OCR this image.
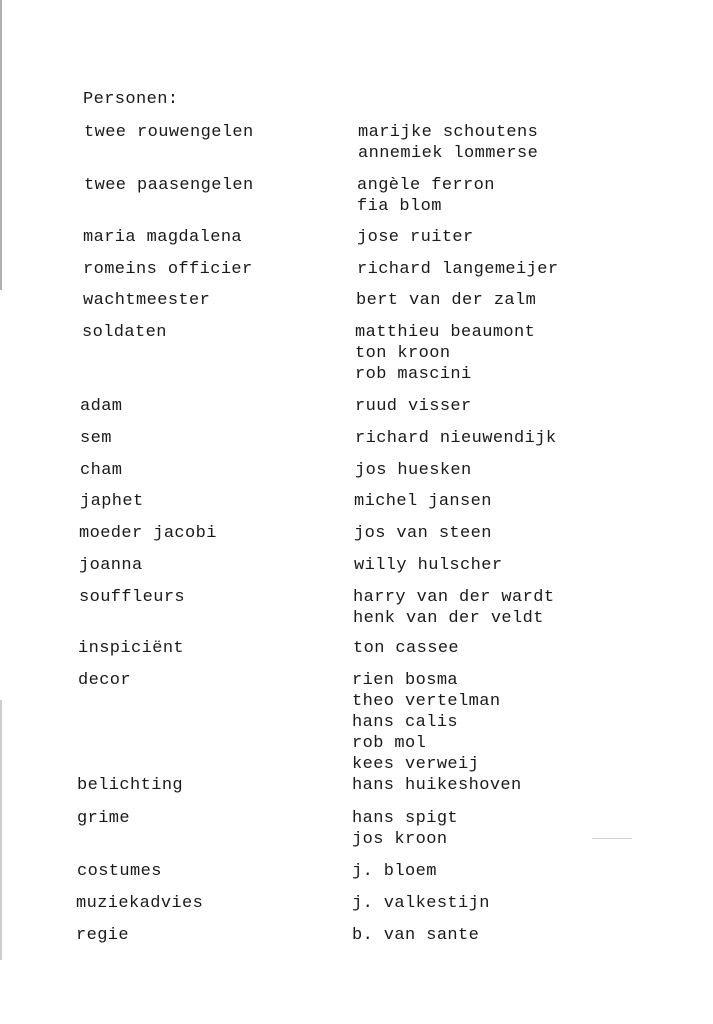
Personen:
twee rouwengelen	marijke schoutens
annemiek lommerse
twee paasengelen	angèle ferron
fia blom
maria magdalena	jose ruiter
romeins officier	richard langemeijer
wachtmeester	bert van der zalm
soldaten	matthieu beaumont
ton kroon
rob mascini
adam	ruud visser
sem	richard nieuwendijk
cham	jos huesken
japhet	michel jansen
moeder jacobi	jos van steen
joanna	willy hulscher
souffleurs	harry van der wardt
henk van der veldt
inspiciënt	ton cassee
decor	rien bosma
theo vertelman
hans calis
rob mol
kees verweij
belichting	hans huikeshoven
grime	hans spigt
jos kroon
costumes	j. bloem
muziekadvies	j. valkestijn
regie	b. van sante
